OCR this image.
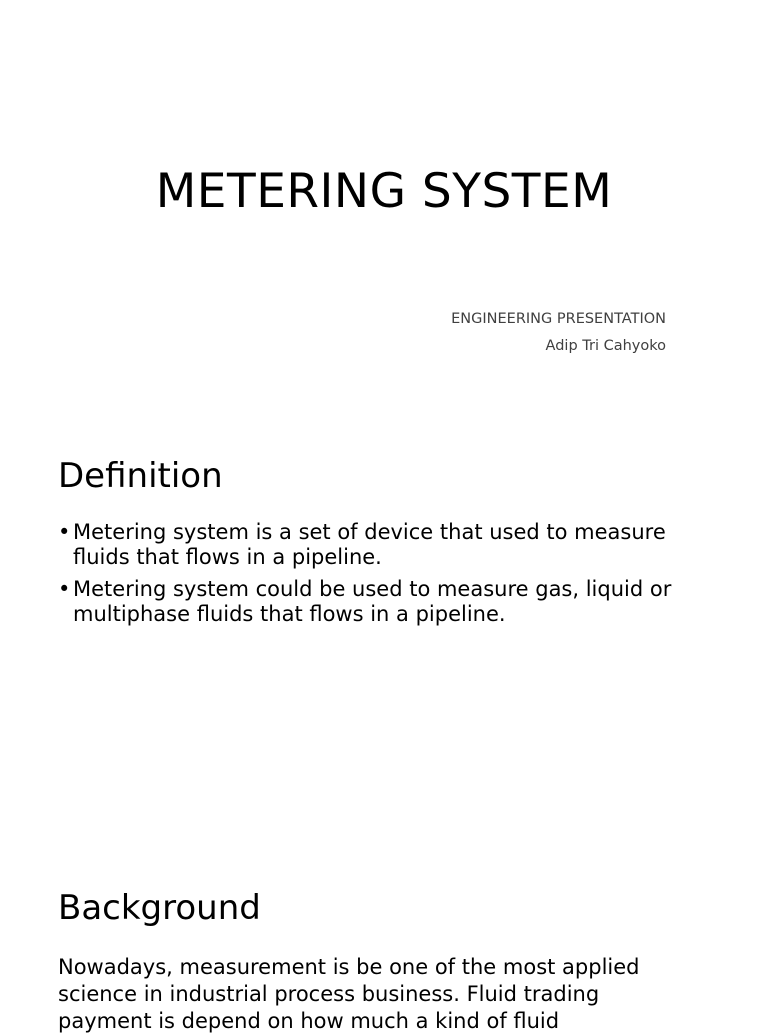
METERING SYSTEM
ENGINEERING PRESENTATION
Adip Tri Cahyoko
Definition
• Metering system is a set of device that used to measure fluids that flows in a pipeline.
• Metering system could be used to measure gas, liquid or multiphase fluids that flows in a pipeline.
Background

Nowadays, measurement is be one of the most applied science in industrial process business. Fluid trading payment is depend on how much a kind of fluid
